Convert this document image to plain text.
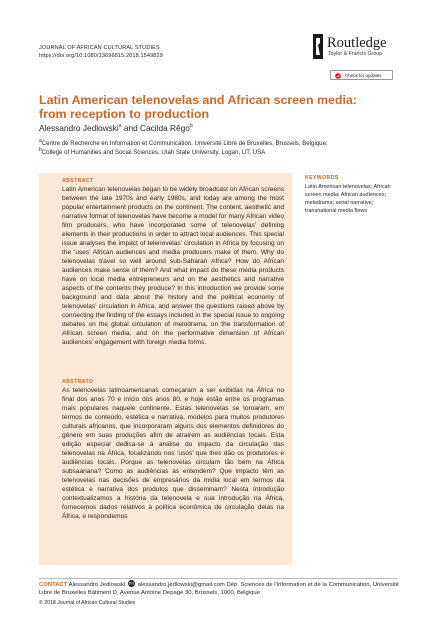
JOURNAL OF AFRICAN CULTURAL STUDIES
https://doi.org/10.1080/13696815.2018.1549829
Routledge
Taylor & Francis Group
Check for updates
Latin American telenovelas and African screen media: from reception to production
Alessandro Jedlowski$^a$ and Cacilda Rêgo$^b$
$^a$Centre de Recherche en Information et Communication, Université Libre de Bruxelles, Brussels, Belgique;
$^b$College of Humanities and Social Sciences, Utah State University, Logan, UT, USA
ABSTRACT

Latin American telenovelas began to be widely broadcast on African screens between the late 1970s and early 1980s, and today are among the most popular entertainment products on the continent. The content, aesthetic and narrative format of telenovelas have become a model for many African video film producers, who have incorporated some of telenovelas’ defining elements in their productions in order to attract local audiences. This special issue analyses the impact of telenovelas’ circulation in Africa by focusing on the ‘uses’ African audiences and media producers make of them. Why do telenovelas travel so well around sub-Saharan Africa? How do African audiences make sense of them? And what impact do these media products have on local media entrepreneurs and on the aesthetics and narrative aspects of the contents they produce? In this introduction we provide some background and data about the history and the political economy of telenovelas’ circulation in Africa, and answer the questions raised above by connecting the finding of the essays included in the special issue to ongoing debates on the global circulation of melodrama, on the transformation of African screen media, and on the performative dimension of African audiences’ engagement with foreign media forms.

ABSTRATO

As telenovelas latinoamericanas começaram a ser exibidas na África no final dos anos 70 e início dos anos 80, e hoje estão entre os programas mais populares naquele continente. Estas telenovelas se tornaram, em termos de conteúdo, estética e narrativa, modelos para muitos produtores culturais africanos, que incorporaram alguns dos elementos definidores do gênero em suas produções afim de atrairem as audiências locais. Esta edição especial dedica-se à análise do impacto da circulação das telenovelas na África, focalizando nos ‘usos’ que lhes dão os produtores e audiências locais. Porque as telenovelas circulam tão bem na África subsaariana? Como as audiências as entendem? Que impacto têm as telenovelas nas decisões de empresários da mídia local em termos da estética e narrativa dos produtos que disseminam? Nesta Introdução contextualizamos a história da telenovela e sua introdução na África, fornecemos dados relativos à política econômica de circulação delas na África, e respondemos

KEYWORDS

Latin American telenovelas; African screen media; African audiences; melodrama; serial narrative; transnational media flows

CONTACT Alessandro Jedlowski alessandro.jedlowski@gmail.com Dép. Sciences de l’information et de la Communication, Université Libre de Bruxelles Bâtiment D, Avenue Antoine Depage 30, Brussels, 1000, Belgique

© 2018 Journal of African Cultural Studies
